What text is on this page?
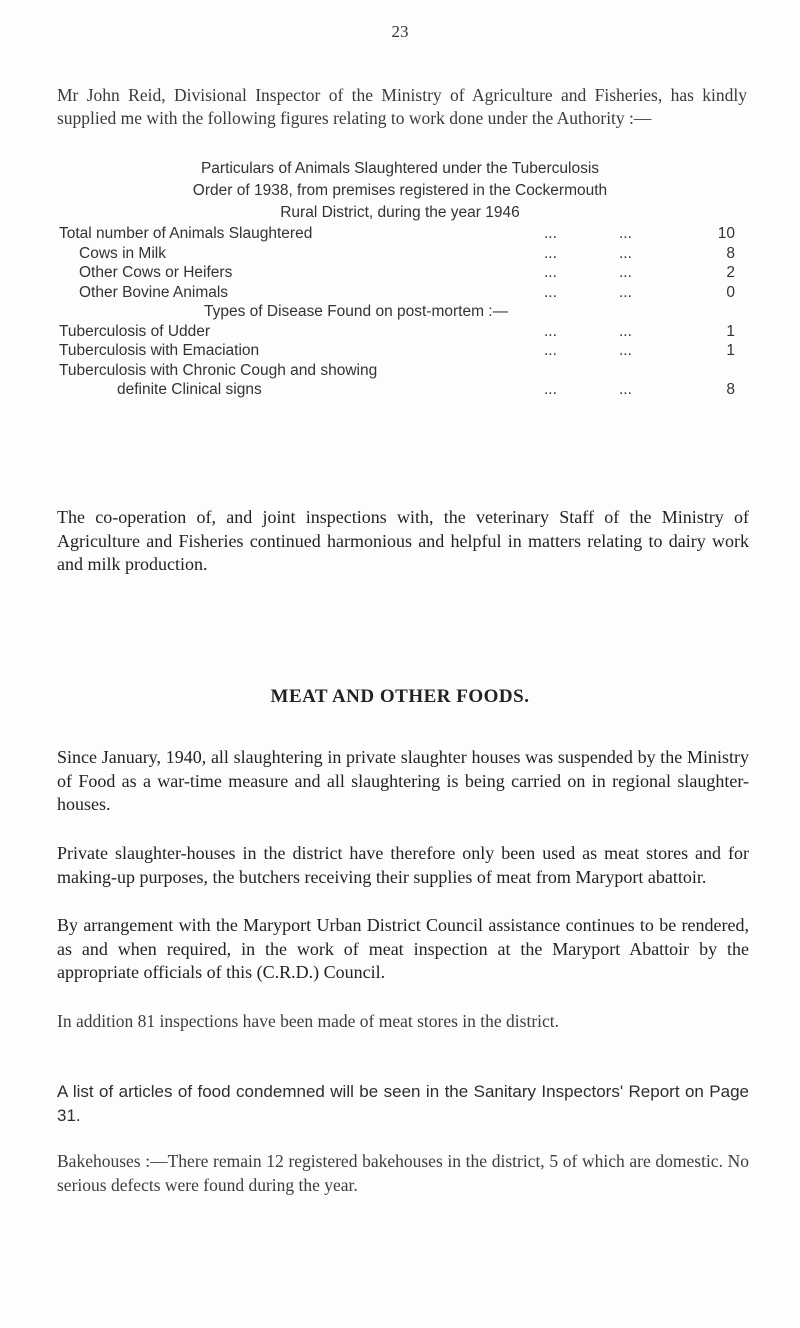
23

Mr John Reid, Divisional Inspector of the Ministry of Agriculture and Fisheries, has kindly supplied me with the following figures relating to work done under the Authority :—

Particulars of Animals Slaughtered under the Tuberculosis
Order of 1938, from premises registered in the Cockermouth
Rural District, during the year 1946
Total number of Animals Slaughtered	...	...	10
Cows in Milk	...	...	8
Other Cows or Heifers	...	...	2
Other Bovine Animals	...	...	0
Types of Disease Found on post-mortem :—
Tuberculosis of Udder	...	...	1
Tuberculosis with Emaciation	...	...	1
Tuberculosis with Chronic Cough and showing
definite Clinical signs	...	...	8

The co-operation of, and joint inspections with, the veterinary Staff of the Ministry of Agriculture and Fisheries continued harmonious and helpful in matters relating to dairy work and milk production.

MEAT AND OTHER FOODS.

Since January, 1940, all slaughtering in private slaughter houses was suspended by the Ministry of Food as a war-time measure and all slaughtering is being carried on in regional slaughter-houses.

Private slaughter-houses in the district have therefore only been used as meat stores and for making-up purposes, the butchers receiving their supplies of meat from Maryport abattoir.

By arrangement with the Maryport Urban District Council assistance continues to be rendered, as and when required, in the work of meat inspection at the Maryport Abattoir by the appropriate officials of this (C.R.D.) Council.

In addition 81 inspections have been made of meat stores in the district.

A list of articles of food condemned will be seen in the Sanitary Inspectors' Report on Page 31.

Bakehouses :—There remain 12 registered bakehouses in the district, 5 of which are domestic. No serious defects were found during the year.
